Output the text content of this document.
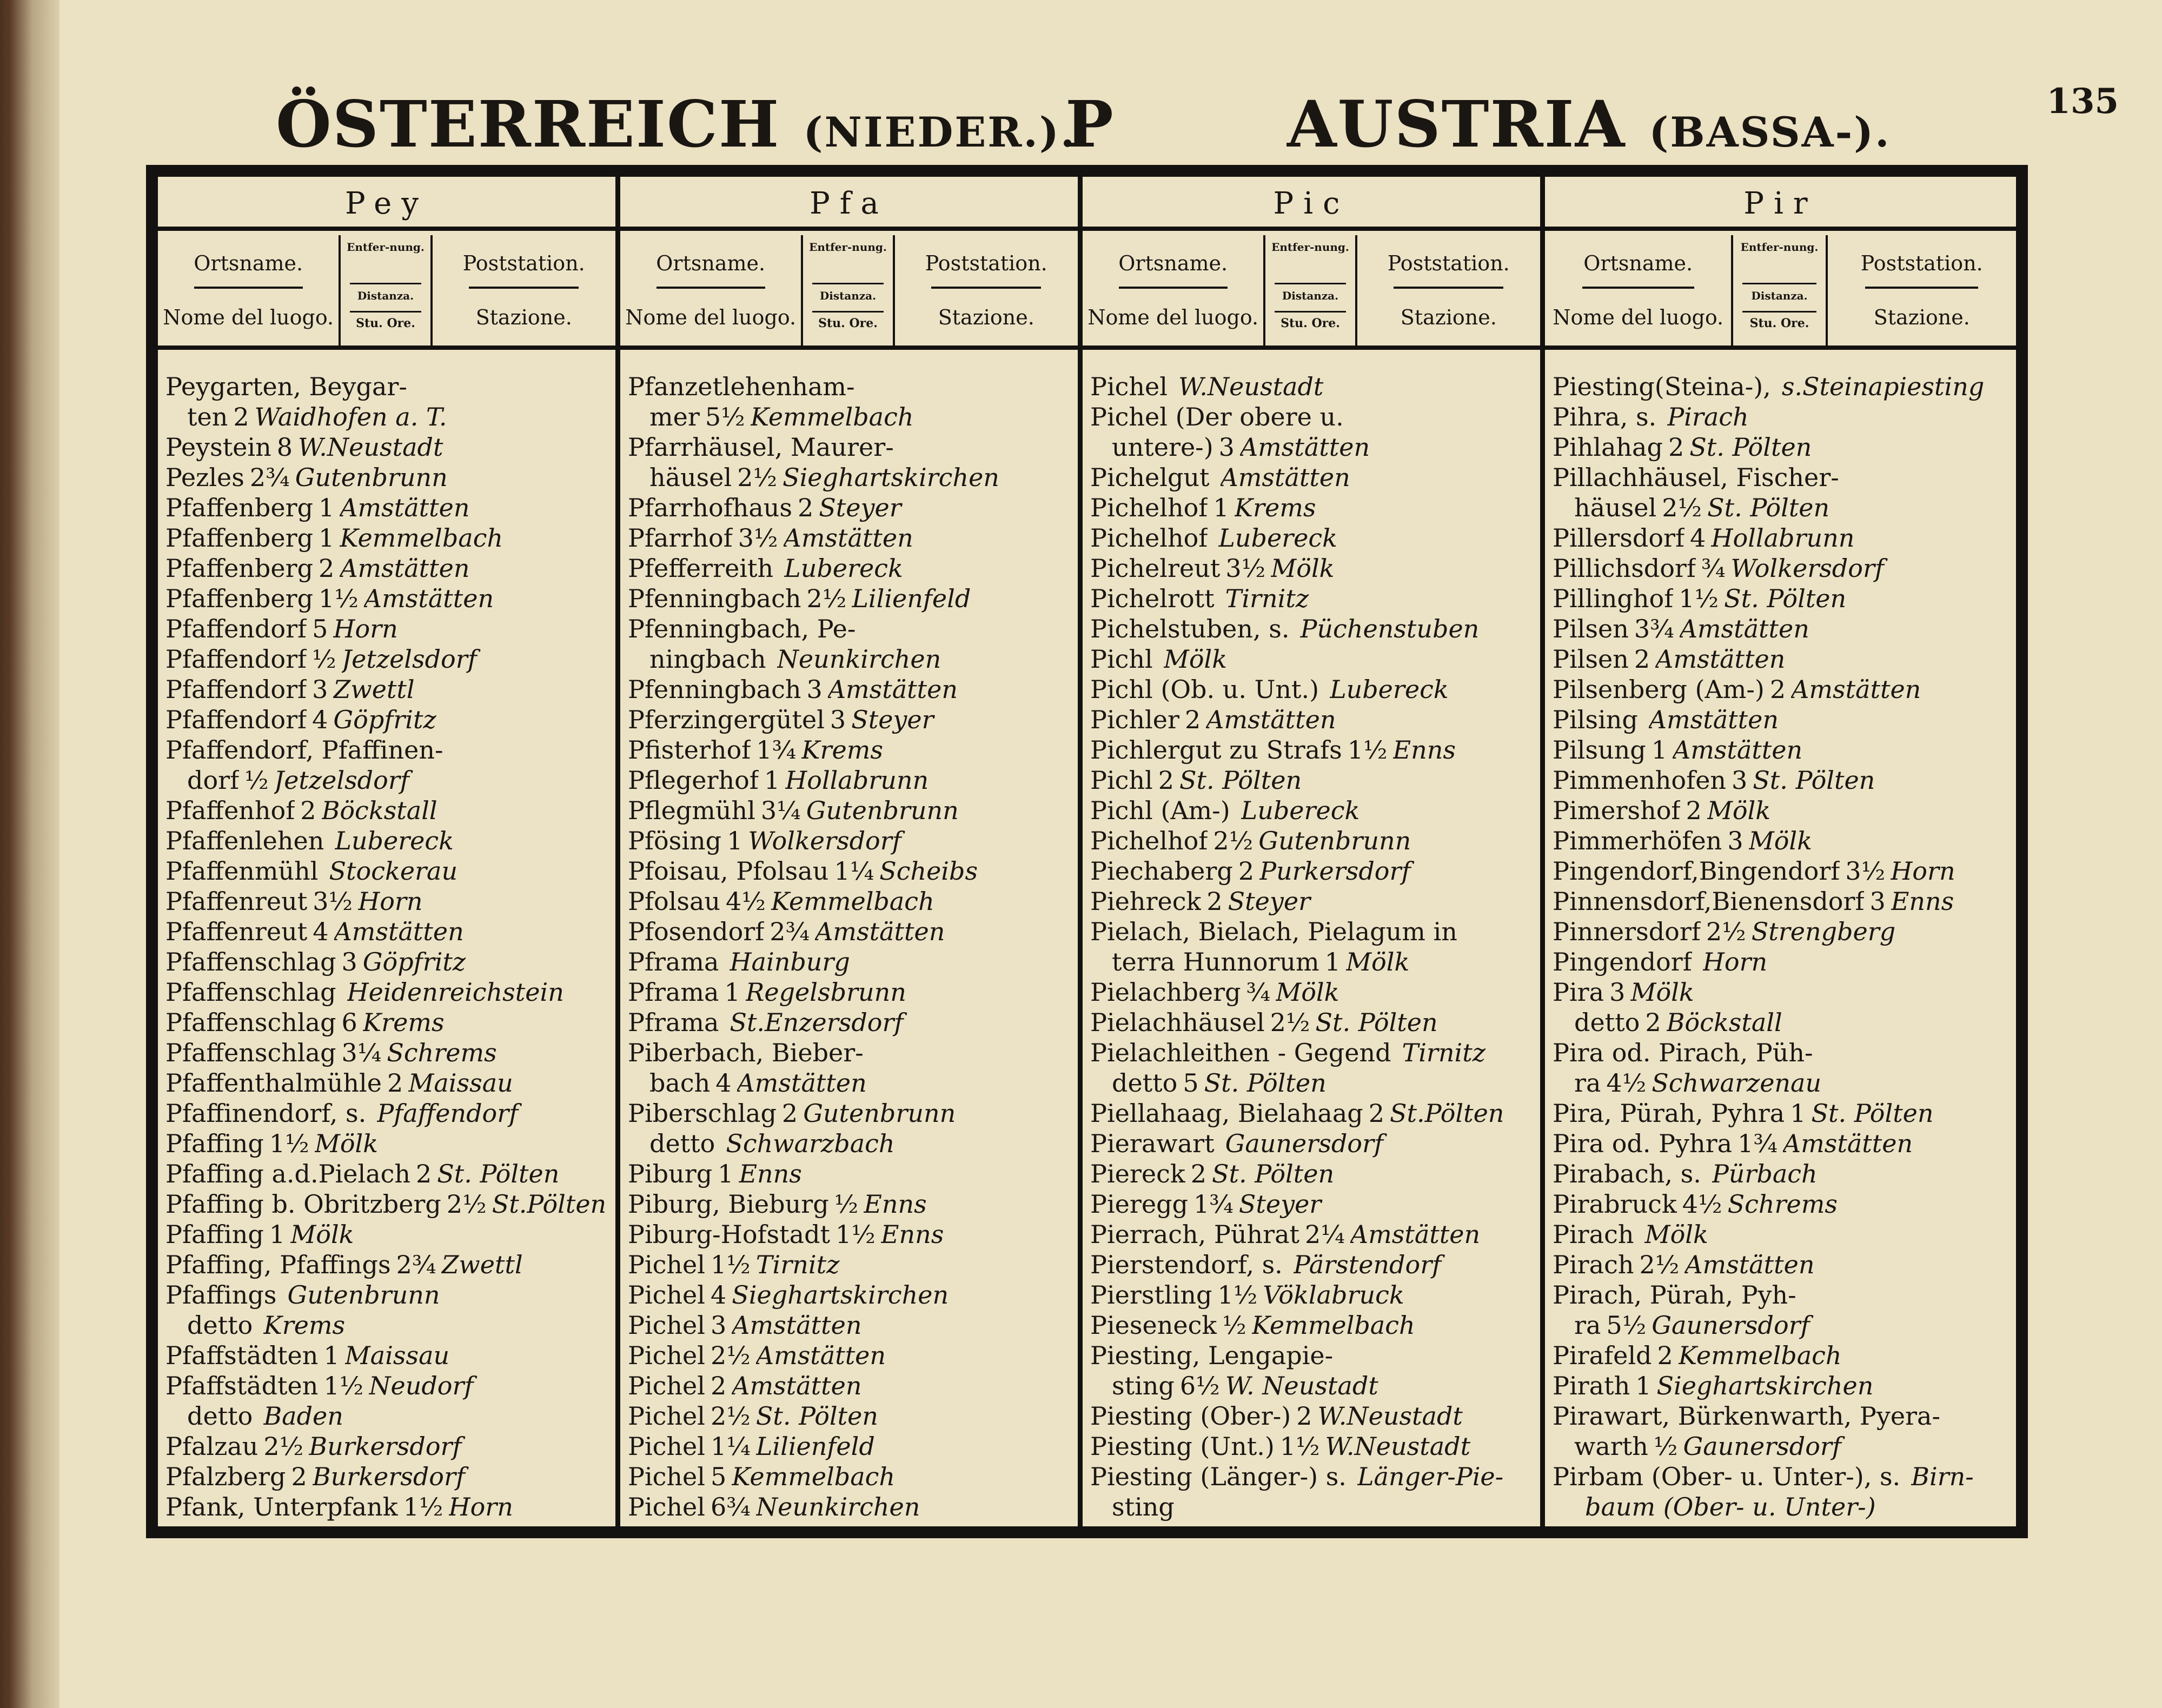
ÖSTERREICH (NIEDER.).
P	AUSTRIA (BASSA-).
135
Pey
Ortsname.
Nome del luogo.
Entfer-nung.
Distanza.
Stu. Ore.
Poststation.
Stazione.
Peygarten, Beygar-
ten 2 Waidhofen a. T.
Peystein 8 W.Neustadt
Pezles 2¾ Gutenbrunn
Pfaffenberg 1 Amstätten
Pfaffenberg 1 Kemmelbach
Pfaffenberg 2 Amstätten
Pfaffenberg 1½ Amstätten
Pfaffendorf 5 Horn
Pfaffendorf ½ Jetzelsdorf
Pfaffendorf 3 Zwettl
Pfaffendorf 4 Göpfritz
Pfaffendorf, Pfaffinen-
dorf ½ Jetzelsdorf
Pfaffenhof 2 Böckstall
Pfaffenlehen Lubereck
Pfaffenmühl Stockerau
Pfaffenreut 3½ Horn
Pfaffenreut 4 Amstätten
Pfaffenschlag 3 Göpfritz
Pfaffenschlag Heidenreichstein
Pfaffenschlag 6 Krems
Pfaffenschlag 3¼ Schrems
Pfaffenthalmühle 2 Maissau
Pfaffinendorf, s. Pfaffendorf
Pfaffing 1½ Mölk
Pfaffing a.d.Pielach 2 St. Pölten
Pfaffing b. Obritzberg 2½ St.Pölten
Pfaffing 1 Mölk
Pfaffing, Pfaffings 2¾ Zwettl
Pfaffings Gutenbrunn
detto Krems
Pfaffstädten 1 Maissau
Pfaffstädten 1½ Neudorf
detto Baden
Pfalzau 2½ Burkersdorf
Pfalzberg 2 Burkersdorf
Pfank, Unterpfank 1½ Horn
Pfa
Ortsname.
Nome del luogo.
Entfer-nung.
Distanza.
Stu. Ore.
Poststation.
Stazione.
Pfanzetlehenham-
mer 5½ Kemmelbach
Pfarrhäusel, Maurer-
häusel 2½ Sieghartskirchen
Pfarrhofhaus 2 Steyer
Pfarrhof 3½ Amstätten
Pfefferreith Lubereck
Pfenningbach 2½ Lilienfeld
Pfenningbach, Pe-
ningbach Neunkirchen
Pfenningbach 3 Amstätten
Pferzingergütel 3 Steyer
Pfisterhof 1¾ Krems
Pflegerhof 1 Hollabrunn
Pflegmühl 3¼ Gutenbrunn
Pfösing 1 Wolkersdorf
Pfoisau, Pfolsau 1¼ Scheibs
Pfolsau 4½ Kemmelbach
Pfosendorf 2¾ Amstätten
Pframa Hainburg
Pframa 1 Regelsbrunn
Pframa St.Enzersdorf
Piberbach, Bieber-
bach 4 Amstätten
Piberschlag 2 Gutenbrunn
detto Schwarzbach
Piburg 1 Enns
Piburg, Bieburg ½ Enns
Piburg-Hofstadt 1½ Enns
Pichel 1½ Tirnitz
Pichel 4 Sieghartskirchen
Pichel 3 Amstätten
Pichel 2½ Amstätten
Pichel 2 Amstätten
Pichel 2½ St. Pölten
Pichel 1¼ Lilienfeld
Pichel 5 Kemmelbach
Pichel 6¾ Neunkirchen
Pic
Ortsname.
Nome del luogo.
Entfer-nung.
Distanza.
Stu. Ore.
Poststation.
Stazione.
Pichel W.Neustadt
Pichel (Der obere u.
untere-) 3 Amstätten
Pichelgut Amstätten
Pichelhof 1 Krems
Pichelhof Lubereck
Pichelreut 3½ Mölk
Pichelrott Tirnitz
Pichelstuben, s. Püchenstuben
Pichl Mölk
Pichl (Ob. u. Unt.) Lubereck
Pichler 2 Amstätten
Pichlergut zu Strafs 1½ Enns
Pichl 2 St. Pölten
Pichl (Am-) Lubereck
Pichelhof 2½ Gutenbrunn
Piechaberg 2 Purkersdorf
Piehreck 2 Steyer
Pielach, Bielach, Pielagum in
terra Hunnorum 1 Mölk
Pielachberg ¾ Mölk
Pielachhäusel 2½ St. Pölten
Pielachleithen - Gegend Tirnitz
detto 5 St. Pölten
Piellahaag, Bielahaag 2 St.Pölten
Pierawart Gaunersdorf
Piereck 2 St. Pölten
Pieregg 1¾ Steyer
Pierrach, Pührat 2¼ Amstätten
Pierstendorf, s. Pärstendorf
Pierstling 1½ Vöklabruck
Pieseneck ½ Kemmelbach
Piesting, Lengapie-
sting 6½ W. Neustadt
Piesting (Ober-) 2 W.Neustadt
Piesting (Unt.) 1½ W.Neustadt
Piesting (Länger-) s. Länger-Pie-
sting
Pir
Ortsname.
Nome del luogo.
Entfer-nung.
Distanza.
Stu. Ore.
Poststation.
Stazione.
Piesting(Steina-), s.Steinapiesting
Pihra, s. Pirach
Pihlahag 2 St. Pölten
Pillachhäusel, Fischer-
häusel 2½ St. Pölten
Pillersdorf 4 Hollabrunn
Pillichsdorf ¾ Wolkersdorf
Pillinghof 1½ St. Pölten
Pilsen 3¾ Amstätten
Pilsen 2 Amstätten
Pilsenberg (Am-) 2 Amstätten
Pilsing Amstätten
Pilsung 1 Amstätten
Pimmenhofen 3 St. Pölten
Pimershof 2 Mölk
Pimmerhöfen 3 Mölk
Pingendorf,Bingendorf 3½ Horn
Pinnensdorf,Bienensdorf 3 Enns
Pinnersdorf 2½ Strengberg
Pingendorf Horn
Pira 3 Mölk
detto 2 Böckstall
Pira od. Pirach, Püh-
ra 4½ Schwarzenau
Pira, Pürah, Pyhra 1 St. Pölten
Pira od. Pyhra 1¾ Amstätten
Pirabach, s. Pürbach
Pirabruck 4½ Schrems
Pirach Mölk
Pirach 2½ Amstätten
Pirach, Pürah, Pyh-
ra 5½ Gaunersdorf
Pirafeld 2 Kemmelbach
Pirath 1 Sieghartskirchen
Pirawart, Bürkenwarth, Pyera-
warth ½ Gaunersdorf
Pirbam (Ober- u. Unter-), s. Birn-
baum (Ober- u. Unter-)
